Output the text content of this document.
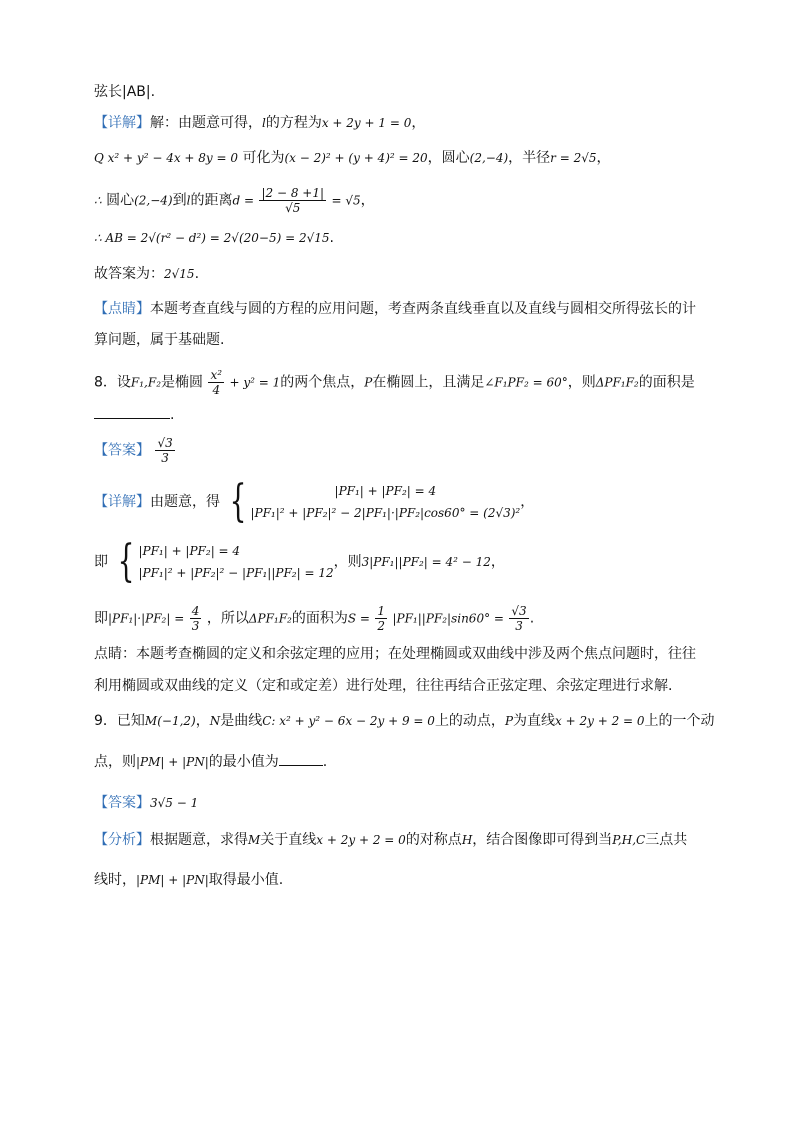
弦长|AB|.
【详解】解：由题意可得，l的方程为x + 2y + 1 = 0，
Q x² + y² − 4x + 8y = 0 可化为(x − 2)² + (y + 4)² = 20，圆心(2,−4)，半径r = 2√5，
∴ 圆心(2,−4)到l的距离$d = \frac{|2 - 8 +1|}{√5} = √5$，
∴ AB = 2√(r² − d²) = 2√(20−5) = 2√15.
故答案为：2√15.
【点睛】本题考查直线与圆的方程的应用问题，考查两条直线垂直以及直线与圆相交所得弦长的计
算问题，属于基础题.
8．设F₁,F₂是椭圆 $\frac{\text{x²}}{4} + y^2 = 1$的两个焦点，P在椭圆上，且满足∠F₁PF₂ = 60°，则ΔPF₁F₂的面积是
.
【答案】 $\frac{√3}{3}$
【详解】由题意，得 {	|PF₁| + |PF₂| = 4
|PF₁|² + |PF₂|² − 2|PF₁|·|PF₂|cos60° = (2√3)²
，
即 { |PF₁| + |PF₂| = 4
|PF₁|² + |PF₂|² − |PF₁||PF₂| = 12
，则3|PF₁||PF₂| = 4² − 12，
即$|PF_1|\cdot|PF_2| = \frac{4}{3}$ ，所以ΔPF₁F₂的面积为$S = \frac{1}{2} |PF_1||PF_2|\sin 60^\circ = \frac{√3}{3}$ .
点睛：本题考查椭圆的定义和余弦定理的应用；在处理椭圆或双曲线中涉及两个焦点问题时，往往
利用椭圆或双曲线的定义（定和或定差）进行处理，往往再结合正弦定理、余弦定理进行求解.
9．已知M(−1,2)，N是曲线C: x² + y² − 6x − 2y + 9 = 0上的动点，P为直线x + 2y + 2 = 0上的一个动
点，则|PM| + |PN|的最小值为	.
【答案】3√5 − 1
【分析】根据题意，求得M关于直线x + 2y + 2 = 0的对称点H，结合图像即可得到当P,H,C三点共
线时，|PM| + |PN|取得最小值.
